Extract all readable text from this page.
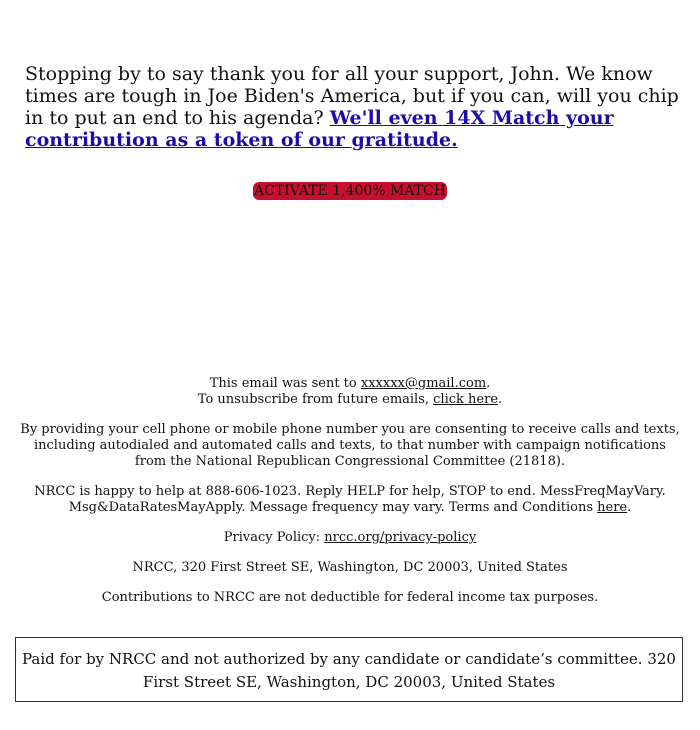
Stopping by to say thank you for all your support, John. We know times are tough in Joe Biden's America, but if you can, will you chip in to put an end to his agenda? We'll even 14X Match your contribution as a token of our gratitude.

ACTIVATE 1,400% MATCH

This email was sent to xxxxxx@gmail.com.

To unsubscribe from future emails, click here.

By providing your cell phone or mobile phone number you are consenting to receive calls and texts, including autodialed and automated calls and texts, to that number with campaign notifications from the National Republican Congressional Committee (21818).

NRCC is happy to help at 888-606-1023. Reply HELP for help, STOP to end. MessFreqMayVary. Msg&DataRatesMayApply. Message frequency may vary. Terms and Conditions here.

Privacy Policy: nrcc.org/privacy-policy

NRCC, 320 First Street SE, Washington, DC 20003, United States

Contributions to NRCC are not deductible for federal income tax purposes.

Paid for by NRCC and not authorized by any candidate or candidate’s committee. 320 First Street SE, Washington, DC 20003, United States
